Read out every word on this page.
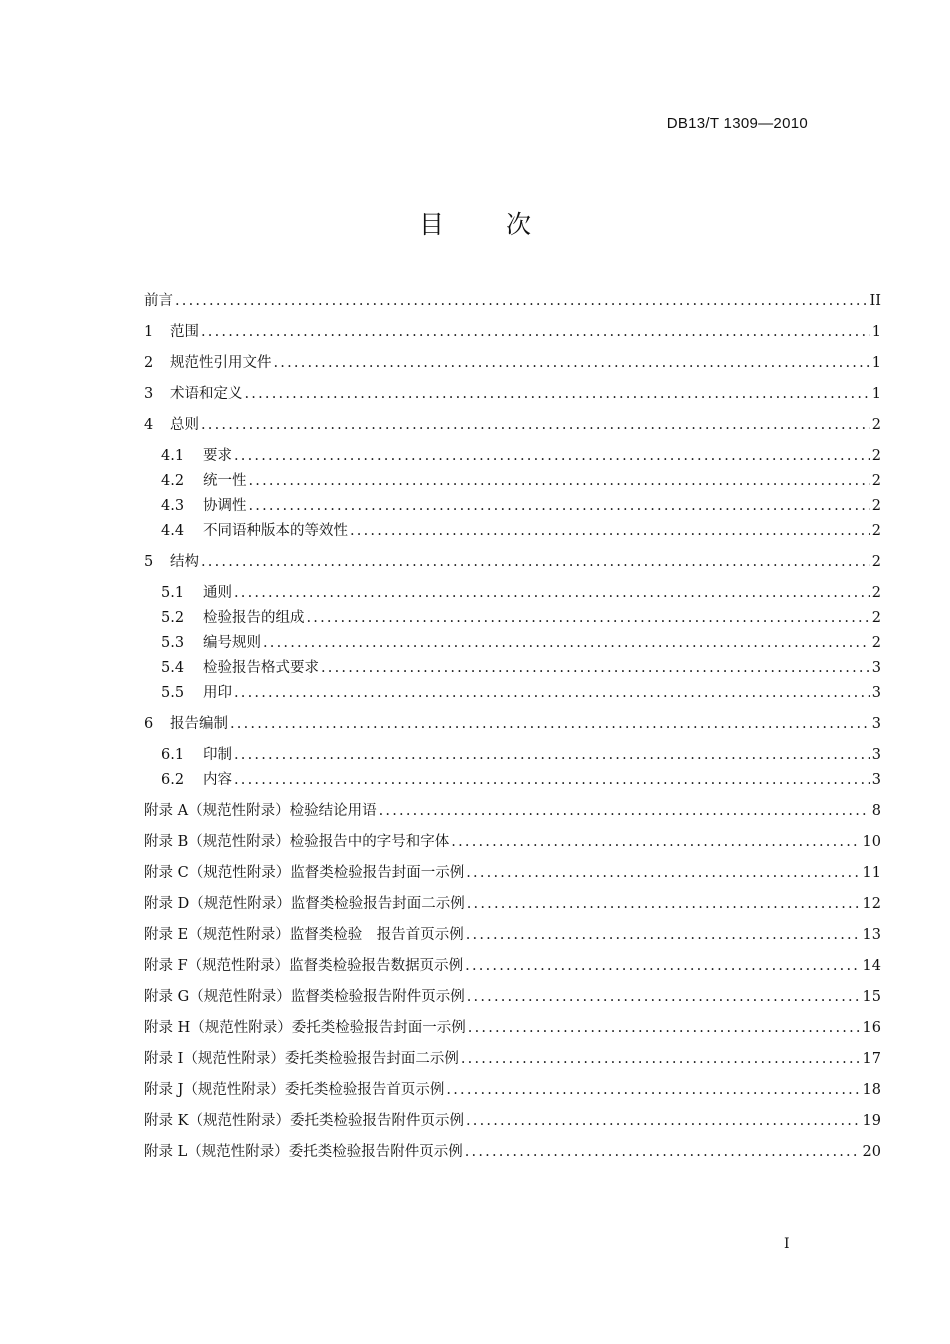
DB13/T 1309—2010
目 次
前言 .....	II
1	范围 .....	1
2	规范性引用文件 .....	1
3	术语和定义 .....	1
4	总则 .....	2
4.1	要求 .....	2
4.2	统一性 .....	2
4.3	协调性 .....	2
4.4	不同语种版本的等效性 .....	2
5	结构 .....	2
5.1	通则 .....	2
5.2	检验报告的组成 .....	2
5.3	编号规则 .....	2
5.4	检验报告格式要求 .....	3
5.5	用印 .....	3
6	报告编制 .....	3
6.1	印制 .....	3
6.2	内容 .....	3
附录 A（规范性附录） 检验结论用语 .....	8
附录 B（规范性附录） 检验报告中的字号和字体 .....	10
附录 C（规范性附录） 监督类检验报告封面一示例 .....	11
附录 D（规范性附录） 监督类检验报告封面二示例 .....	12
附录 E（规范性附录） 监督类检验　报告首页示例 .....	13
附录 F（规范性附录） 监督类检验报告数据页示例 .....	14
附录 G（规范性附录） 监督类检验报告附件页示例 .....	15
附录 H（规范性附录） 委托类检验报告封面一示例 .....	16
附录 I（规范性附录） 委托类检验报告封面二示例 .....	17
附录 J（规范性附录） 委托类检验报告首页示例 .....	18
附录 K（规范性附录） 委托类检验报告附件页示例 .....	19
附录 L（规范性附录） 委托类检验报告附件页示例 .....	20
I
